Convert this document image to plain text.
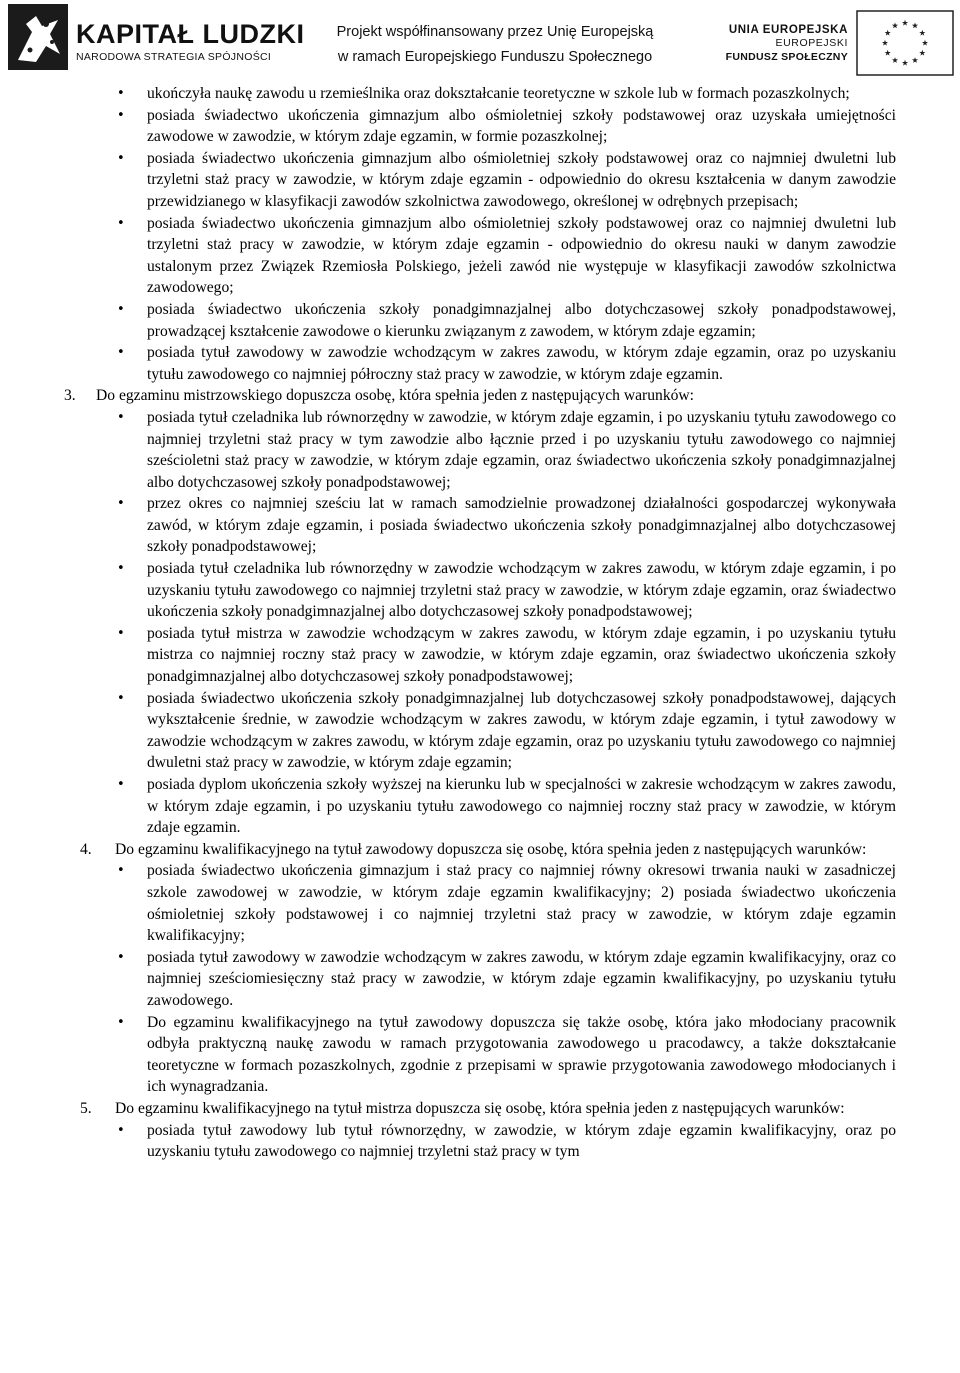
KAPITAŁ LUDZKI
NARODOWA STRATEGIA SPÓJNOŚCI
Projekt współfinansowany przez Unię Europejską
w ramach Europejskiego Funduszu Społecznego
UNIA EUROPEJSKA
EUROPEJSKI
FUNDUSZ SPOŁECZNY
• ukończyła naukę zawodu u rzemieślnika oraz dokształcanie teoretyczne w szkole lub w formach pozaszkolnych;
• posiada świadectwo ukończenia gimnazjum albo ośmioletniej szkoły podstawowej oraz uzyskała umiejętności zawodowe w zawodzie, w którym zdaje egzamin, w formie pozaszkolnej;
• posiada świadectwo ukończenia gimnazjum albo ośmioletniej szkoły podstawowej oraz co najmniej dwuletni lub trzyletni staż pracy w zawodzie, w którym zdaje egzamin - odpowiednio do okresu kształcenia w danym zawodzie przewidzianego w klasyfikacji zawodów szkolnictwa zawodowego, określonej w odrębnych przepisach;
• posiada świadectwo ukończenia gimnazjum albo ośmioletniej szkoły podstawowej oraz co najmniej dwuletni lub trzyletni staż pracy w zawodzie, w którym zdaje egzamin - odpowiednio do okresu nauki w danym zawodzie ustalonym przez Związek Rzemiosła Polskiego, jeżeli zawód nie występuje w klasyfikacji zawodów szkolnictwa zawodowego;
• posiada świadectwo ukończenia szkoły ponadgimnazjalnej albo dotychczasowej szkoły ponadpodstawowej, prowadzącej kształcenie zawodowe o kierunku związanym z zawodem, w którym zdaje egzamin;
• posiada tytuł zawodowy w zawodzie wchodzącym w zakres zawodu, w którym zdaje egzamin, oraz po uzyskaniu tytułu zawodowego co najmniej półroczny staż pracy w zawodzie, w którym zdaje egzamin.
3. Do egzaminu mistrzowskiego dopuszcza osobę, która spełnia jeden z następujących warunków:
• posiada tytuł czeladnika lub równorzędny w zawodzie, w którym zdaje egzamin, i po uzyskaniu tytułu zawodowego co najmniej trzyletni staż pracy w tym zawodzie albo łącznie przed i po uzyskaniu tytułu zawodowego co najmniej sześcioletni staż pracy w zawodzie, w którym zdaje egzamin, oraz świadectwo ukończenia szkoły ponadgimnazjalnej albo dotychczasowej szkoły ponadpodstawowej;
• przez okres co najmniej sześciu lat w ramach samodzielnie prowadzonej działalności gospodarczej wykonywała zawód, w którym zdaje egzamin, i posiada świadectwo ukończenia szkoły ponadgimnazjalnej albo dotychczasowej szkoły ponadpodstawowej;
• posiada tytuł czeladnika lub równorzędny w zawodzie wchodzącym w zakres zawodu, w którym zdaje egzamin, i po uzyskaniu tytułu zawodowego co najmniej trzyletni staż pracy w zawodzie, w którym zdaje egzamin, oraz świadectwo ukończenia szkoły ponadgimnazjalnej albo dotychczasowej szkoły ponadpodstawowej;
• posiada tytuł mistrza w zawodzie wchodzącym w zakres zawodu, w którym zdaje egzamin, i po uzyskaniu tytułu mistrza co najmniej roczny staż pracy w zawodzie, w którym zdaje egzamin, oraz świadectwo ukończenia szkoły ponadgimnazjalnej albo dotychczasowej szkoły ponadpodstawowej;
• posiada świadectwo ukończenia szkoły ponadgimnazjalnej lub dotychczasowej szkoły ponadpodstawowej, dających wykształcenie średnie, w zawodzie wchodzącym w zakres zawodu, w którym zdaje egzamin, i tytuł zawodowy w zawodzie wchodzącym w zakres zawodu, w którym zdaje egzamin, oraz po uzyskaniu tytułu zawodowego co najmniej dwuletni staż pracy w zawodzie, w którym zdaje egzamin;
• posiada dyplom ukończenia szkoły wyższej na kierunku lub w specjalności w zakresie wchodzącym w zakres zawodu, w którym zdaje egzamin, i po uzyskaniu tytułu zawodowego co najmniej roczny staż pracy w zawodzie, w którym zdaje egzamin.
4. Do egzaminu kwalifikacyjnego na tytuł zawodowy dopuszcza się osobę, która spełnia jeden z następujących warunków:
• posiada świadectwo ukończenia gimnazjum i staż pracy co najmniej równy okresowi trwania nauki w zasadniczej szkole zawodowej w zawodzie, w którym zdaje egzamin kwalifikacyjny; 2) posiada świadectwo ukończenia ośmioletniej szkoły podstawowej i co najmniej trzyletni staż pracy w zawodzie, w którym zdaje egzamin kwalifikacyjny;
• posiada tytuł zawodowy w zawodzie wchodzącym w zakres zawodu, w którym zdaje egzamin kwalifikacyjny, oraz co najmniej sześciomiesięczny staż pracy w zawodzie, w którym zdaje egzamin kwalifikacyjny, po uzyskaniu tytułu zawodowego.
• Do egzaminu kwalifikacyjnego na tytuł zawodowy dopuszcza się także osobę, która jako młodociany pracownik odbyła praktyczną naukę zawodu w ramach przygotowania zawodowego u pracodawcy, a także dokształcanie teoretyczne w formach pozaszkolnych, zgodnie z przepisami w sprawie przygotowania zawodowego młodocianych i ich wynagradzania.
5. Do egzaminu kwalifikacyjnego na tytuł mistrza dopuszcza się osobę, która spełnia jeden z następujących warunków:
• posiada tytuł zawodowy lub tytuł równorzędny, w zawodzie, w którym zdaje egzamin kwalifikacyjny, oraz po uzyskaniu tytułu zawodowego co najmniej trzyletni staż pracy w tym
